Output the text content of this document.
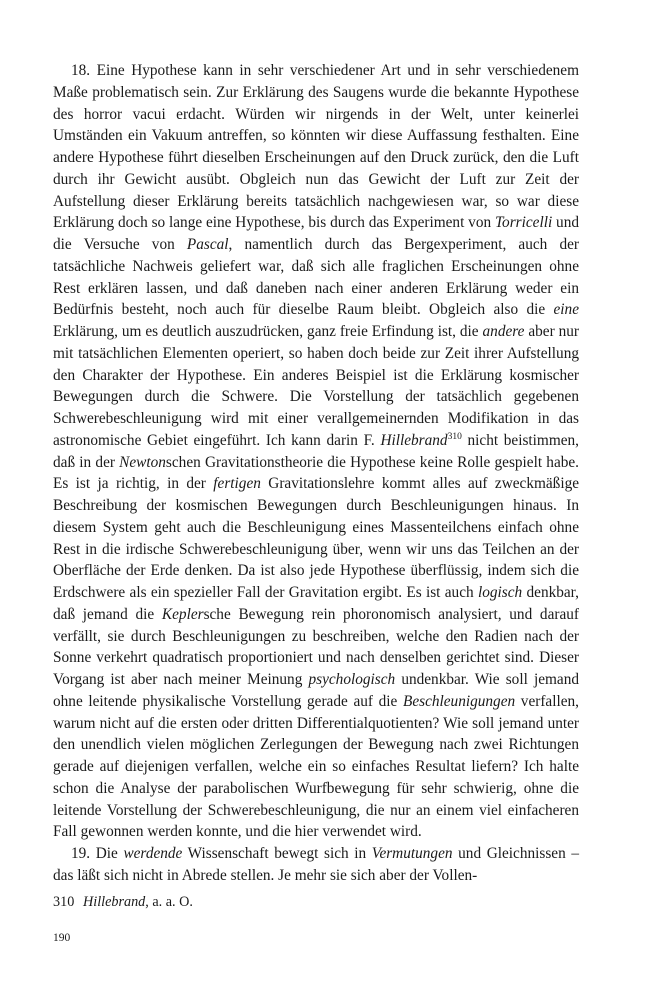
18. Eine Hypothese kann in sehr verschiedener Art und in sehr verschiedenem Maße problematisch sein. Zur Erklärung des Saugens wurde die bekannte Hypothese des horror vacui erdacht. Würden wir nirgends in der Welt, unter keinerlei Umständen ein Vakuum antreffen, so könnten wir diese Auffassung festhalten. Eine andere Hypothese führt dieselben Erscheinungen auf den Druck zurück, den die Luft durch ihr Gewicht ausübt. Obgleich nun das Gewicht der Luft zur Zeit der Aufstellung dieser Erklärung bereits tatsächlich nachgewiesen war, so war diese Erklärung doch so lange eine Hypothese, bis durch das Experiment von Torricelli und die Versuche von Pascal, namentlich durch das Bergexperiment, auch der tatsächliche Nachweis geliefert war, daß sich alle fraglichen Erscheinungen ohne Rest erklären lassen, und daß daneben nach einer anderen Erklärung weder ein Bedürfnis besteht, noch auch für dieselbe Raum bleibt. Obgleich also die eine Erklärung, um es deutlich auszudrücken, ganz freie Erfindung ist, die andere aber nur mit tatsächlichen Elementen operiert, so haben doch beide zur Zeit ihrer Aufstellung den Charakter der Hypothese. Ein anderes Beispiel ist die Erklärung kosmischer Bewegungen durch die Schwere. Die Vorstellung der tatsächlich gegebenen Schwerebeschleunigung wird mit einer verallgemeinernden Modifikation in das astronomische Gebiet eingeführt. Ich kann darin F. Hillebrand$^{310}$ nicht beistimmen, daß in der Newtonschen Gravitationstheorie die Hypothese keine Rolle gespielt habe. Es ist ja richtig, in der fertigen Gravitationslehre kommt alles auf zweckmäßige Beschreibung der kosmischen Bewegungen durch Beschleunigungen hinaus. In diesem System geht auch die Beschleunigung eines Massenteilchens einfach ohne Rest in die irdische Schwerebeschleunigung über, wenn wir uns das Teilchen an der Oberfläche der Erde denken. Da ist also jede Hypothese überflüssig, indem sich die Erdschwere als ein spezieller Fall der Gravitation ergibt. Es ist auch logisch denkbar, daß jemand die Keplersche Bewegung rein phoronomisch analysiert, und darauf verfällt, sie durch Beschleunigungen zu beschreiben, welche den Radien nach der Sonne verkehrt quadratisch proportioniert und nach denselben gerichtet sind. Dieser Vorgang ist aber nach meiner Meinung psychologisch undenkbar. Wie soll jemand ohne leitende physikalische Vorstellung gerade auf die Beschleunigungen verfallen, warum nicht auf die ersten oder dritten Differentialquotienten? Wie soll jemand unter den unendlich vielen möglichen Zerlegungen der Bewegung nach zwei Richtungen gerade auf diejenigen verfallen, welche ein so einfaches Resultat liefern? Ich halte schon die Analyse der parabolischen Wurfbewegung für sehr schwierig, ohne die leitende Vorstellung der Schwerebeschleunigung, die nur an einem viel einfacheren Fall gewonnen werden konnte, und die hier verwendet wird.

19. Die werdende Wissenschaft bewegt sich in Vermutungen und Gleichnissen – das läßt sich nicht in Abrede stellen. Je mehr sie sich aber der Vollen-

310 Hillebrand, a. a. O.
190
